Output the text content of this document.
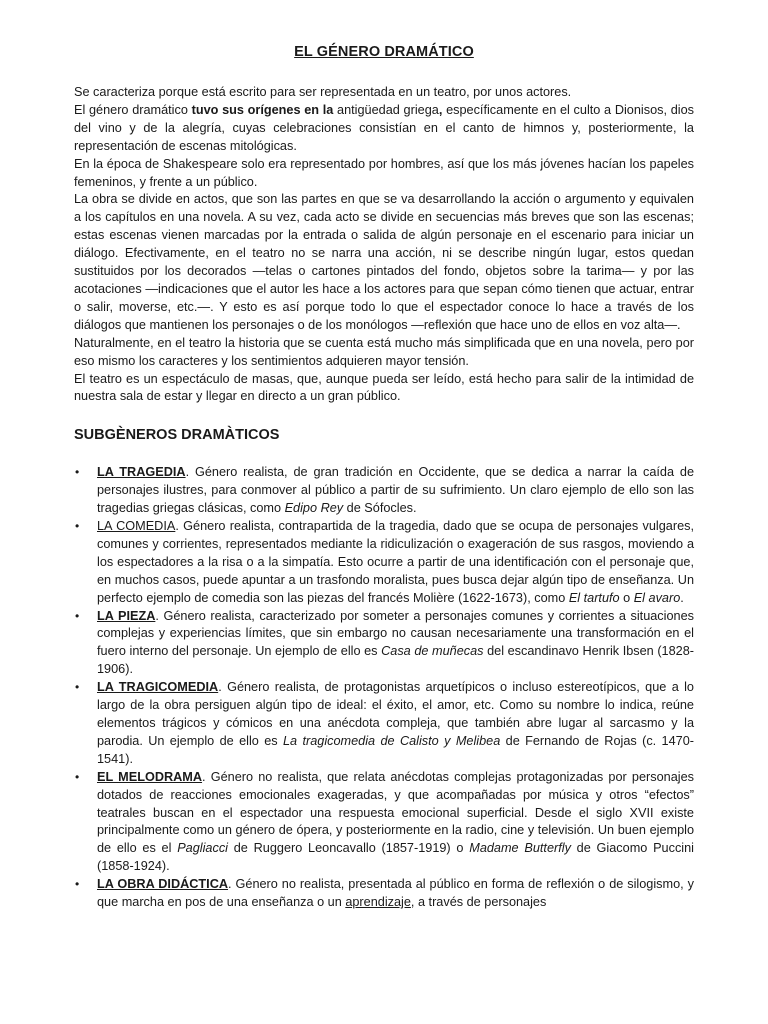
EL GÉNERO DRAMÁTICO

Se caracteriza porque está escrito para ser representada en un teatro, por unos actores.

El género dramático tuvo sus orígenes en la antigüedad griega, específicamente en el culto a Dionisos, dios del vino y de la alegría, cuyas celebraciones consistían en el canto de himnos y, posteriormente, la representación de escenas mitológicas.

En la época de Shakespeare solo era representado por hombres, así que los más jóvenes hacían los papeles femeninos, y frente a un público.

La obra se divide en actos, que son las partes en que se va desarrollando la acción o argumento y equivalen a los capítulos en una novela. A su vez, cada acto se divide en secuencias más breves que son las escenas; estas escenas vienen marcadas por la entrada o salida de algún personaje en el escenario para iniciar un diálogo. Efectivamente, en el teatro no se narra una acción, ni se describe ningún lugar, estos quedan sustituidos por los decorados —telas o cartones pintados del fondo, objetos sobre la tarima— y por las acotaciones —indicaciones que el autor les hace a los actores para que sepan cómo tienen que actuar, entrar o salir, moverse, etc.—. Y esto es así porque todo lo que el espectador conoce lo hace a través de los diálogos que mantienen los personajes o de los monólogos —reflexión que hace uno de ellos en voz alta—.

Naturalmente, en el teatro la historia que se cuenta está mucho más simplificada que en una novela, pero por eso mismo los caracteres y los sentimientos adquieren mayor tensión.

El teatro es un espectáculo de masas, que, aunque pueda ser leído, está hecho para salir de la intimidad de nuestra sala de estar y llegar en directo a un gran público.

SUBGÈNEROS DRAMÀTICOS
• LA TRAGEDIA. Género realista, de gran tradición en Occidente, que se dedica a narrar la caída de personajes ilustres, para conmover al público a partir de su sufrimiento. Un claro ejemplo de ello son las tragedias griegas clásicas, como Edipo Rey de Sófocles.
• LA COMEDIA. Género realista, contrapartida de la tragedia, dado que se ocupa de personajes vulgares, comunes y corrientes, representados mediante la ridiculización o exageración de sus rasgos, moviendo a los espectadores a la risa o a la simpatía. Esto ocurre a partir de una identificación con el personaje que, en muchos casos, puede apuntar a un trasfondo moralista, pues busca dejar algún tipo de enseñanza. Un perfecto ejemplo de comedia son las piezas del francés Molière (1622-1673), como El tartufo o El avaro.
• LA PIEZA. Género realista, caracterizado por someter a personajes comunes y corrientes a situaciones complejas y experiencias límites, que sin embargo no causan necesariamente una transformación en el fuero interno del personaje. Un ejemplo de ello es Casa de muñecas del escandinavo Henrik Ibsen (1828-1906).
• LA TRAGICOMEDIA. Género realista, de protagonistas arquetípicos o incluso estereotípicos, que a lo largo de la obra persiguen algún tipo de ideal: el éxito, el amor, etc. Como su nombre lo indica, reúne elementos trágicos y cómicos en una anécdota compleja, que también abre lugar al sarcasmo y la parodia. Un ejemplo de ello es La tragicomedia de Calisto y Melibea de Fernando de Rojas (c. 1470-1541).
• EL MELODRAMA. Género no realista, que relata anécdotas complejas protagonizadas por personajes dotados de reacciones emocionales exageradas, y que acompañadas por música y otros “efectos” teatrales buscan en el espectador una respuesta emocional superficial. Desde el siglo XVII existe principalmente como un género de ópera, y posteriormente en la radio, cine y televisión. Un buen ejemplo de ello es el Pagliacci de Ruggero Leoncavallo (1857-1919) o Madame Butterfly de Giacomo Puccini (1858-1924).
• LA OBRA DIDÁCTICA. Género no realista, presentada al público en forma de reflexión o de silogismo, y que marcha en pos de una enseñanza o un aprendizaje, a través de personajes
